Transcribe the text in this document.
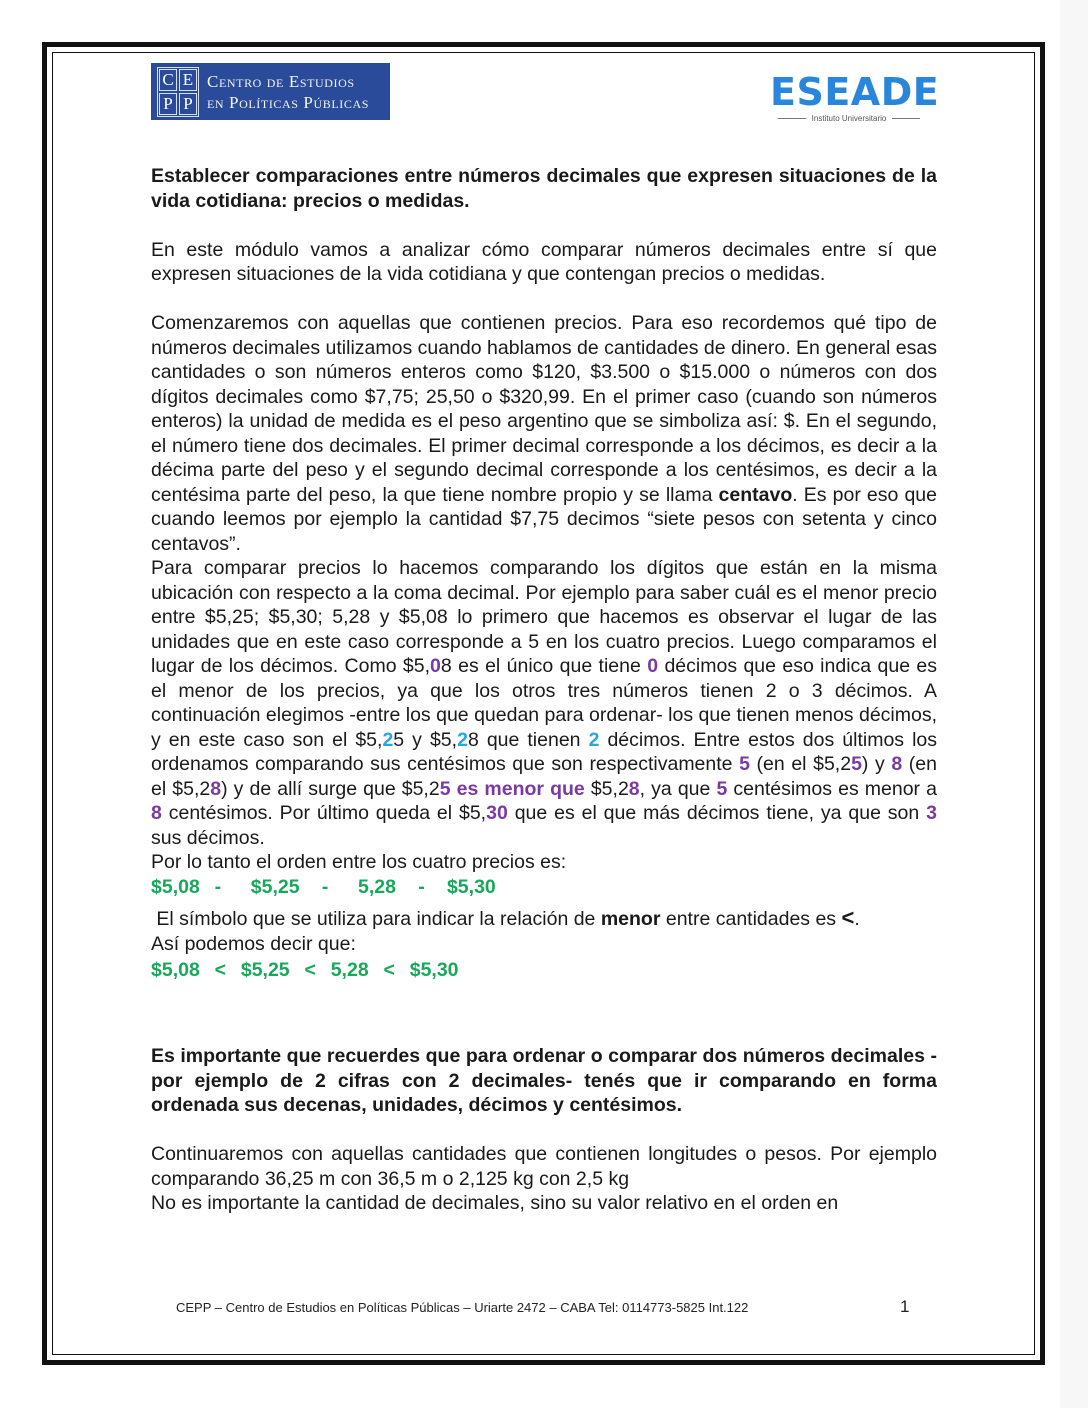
C E
P P
Centro de Estudios
en Políticas Públicas	ESEADE
Instituto Universitario

Establecer comparaciones entre números decimales que expresen situaciones de la vida cotidiana: precios o medidas.

En este módulo vamos a analizar cómo comparar números decimales entre sí que expresen situaciones de la vida cotidiana y que contengan precios o medidas.

Comenzaremos con aquellas que contienen precios. Para eso recordemos qué tipo de números decimales utilizamos cuando hablamos de cantidades de dinero. En general esas cantidades o son números enteros como $120, $3.500 o $15.000 o números con dos dígitos decimales como $7,75; 25,50 o $320,99. En el primer caso (cuando son números enteros) la unidad de medida es el peso argentino que se simboliza así: $. En el segundo, el número tiene dos decimales. El primer decimal corresponde a los décimos, es decir a la décima parte del peso y el segundo decimal corresponde a los centésimos, es decir a la centésima parte del peso, la que tiene nombre propio y se llama centavo. Es por eso que cuando leemos por ejemplo la cantidad $7,75 decimos “siete pesos con setenta y cinco centavos”.

Para comparar precios lo hacemos comparando los dígitos que están en la misma ubicación con respecto a la coma decimal. Por ejemplo para saber cuál es el menor precio entre $5,25; $5,30; 5,28 y $5,08 lo primero que hacemos es observar el lugar de las unidades que en este caso corresponde a 5 en los cuatro precios. Luego comparamos el lugar de los décimos. Como $5,08 es el único que tiene 0 décimos que eso indica que es el menor de los precios, ya que los otros tres números tienen 2 o 3 décimos. A continuación elegimos -entre los que quedan para ordenar- los que tienen menos décimos, y en este caso son el $5,25 y $5,28 que tienen 2 décimos. Entre estos dos últimos los ordenamos comparando sus centésimos que son respectivamente 5 (en el $5,25) y 8 (en el $5,28) y de allí surge que $5,25 es menor que $5,28, ya que 5 centésimos es menor a 8 centésimos. Por último queda el $5,30 que es el que más décimos tiene, ya que son 3 sus décimos.

Por lo tanto el orden entre los cuatro precios es:

$5,08  -    $5,25   -    5,28   -   $5,30

El símbolo que se utiliza para indicar la relación de menor entre cantidades es <.

Así podemos decir que:

$5,08  <  $5,25  <  5,28  <  $5,30

Es importante que recuerdes que para ordenar o comparar dos números decimales -por ejemplo de 2 cifras con 2 decimales- tenés que ir comparando en forma ordenada sus decenas, unidades, décimos y centésimos.

Continuaremos con aquellas cantidades que contienen longitudes o pesos. Por ejemplo comparando 36,25 m con 36,5 m o 2,125 kg con 2,5 kg

No es importante la cantidad de decimales, sino su valor relativo en el orden en

CEPP – Centro de Estudios en Políticas Públicas – Uriarte 2472 – CABA Tel: 0114773-5825 Int.122	1
